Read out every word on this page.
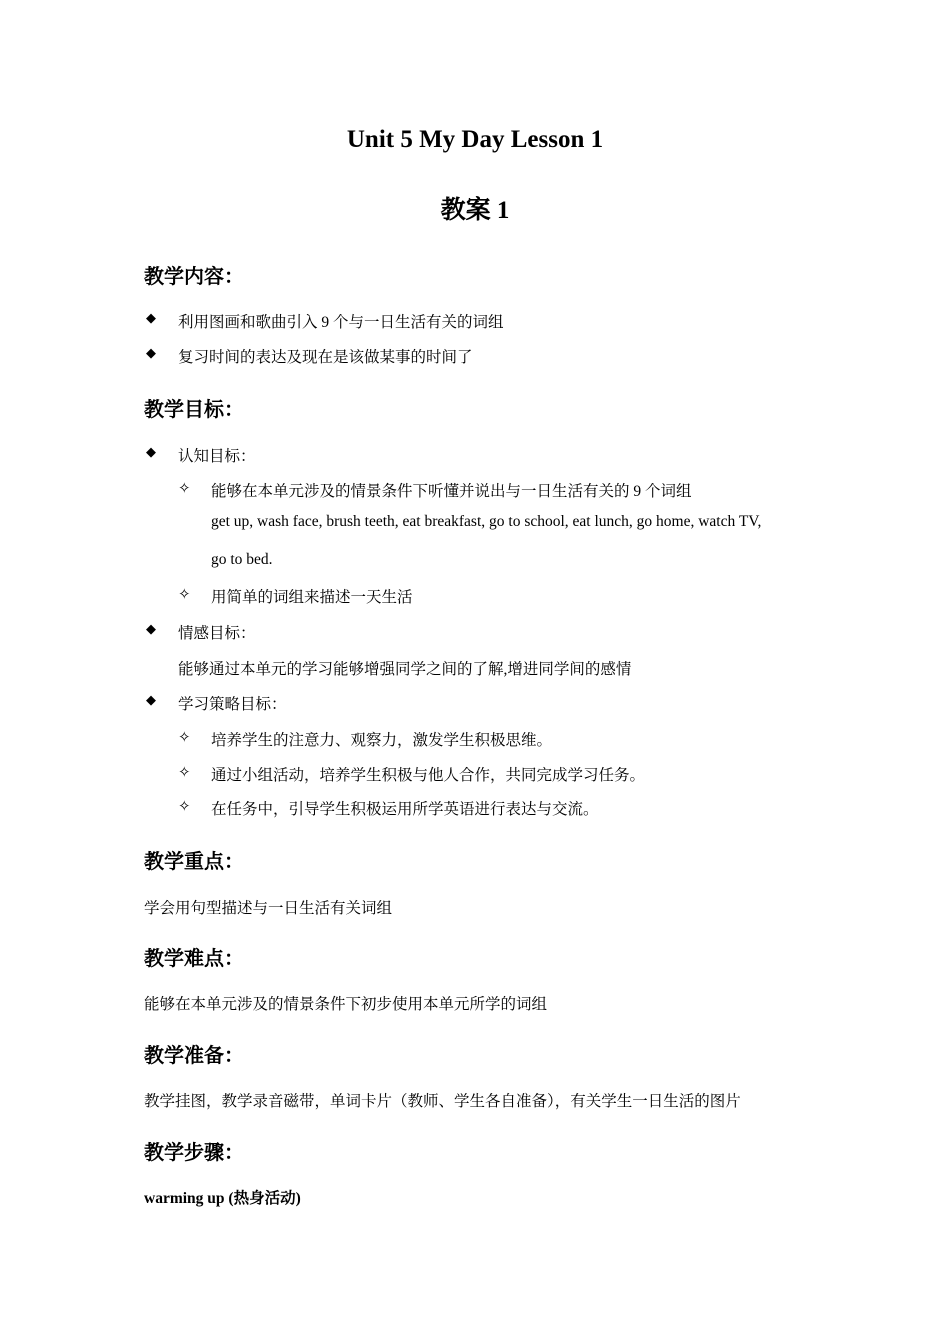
Unit 5 My Day Lesson 1
教案 1
教学内容：
◆ 利用图画和歌曲引入 9 个与一日生活有关的词组
◆ 复习时间的表达及现在是该做某事的时间了
教学目标：
◆ 认知目标：
✧ 能够在本单元涉及的情景条件下听懂并说出与一日生活有关的 9 个词组
get up, wash face, brush teeth, eat breakfast, go to school, eat lunch, go home, watch TV,
go to bed.
✧ 用简单的词组来描述一天生活
◆ 情感目标：
能够通过本单元的学习能够增强同学之间的了解,增进同学间的感情
◆ 学习策略目标：
✧ 培养学生的注意力、观察力，激发学生积极思维。
✧ 通过小组活动，培养学生积极与他人合作，共同完成学习任务。
✧ 在任务中，引导学生积极运用所学英语进行表达与交流。
教学重点：
学会用句型描述与一日生活有关词组
教学难点：
能够在本单元涉及的情景条件下初步使用本单元所学的词组
教学准备：
教学挂图，教学录音磁带，单词卡片（教师、学生各自准备），有关学生一日生活的图片
教学步骤：
warming up (热身活动)
